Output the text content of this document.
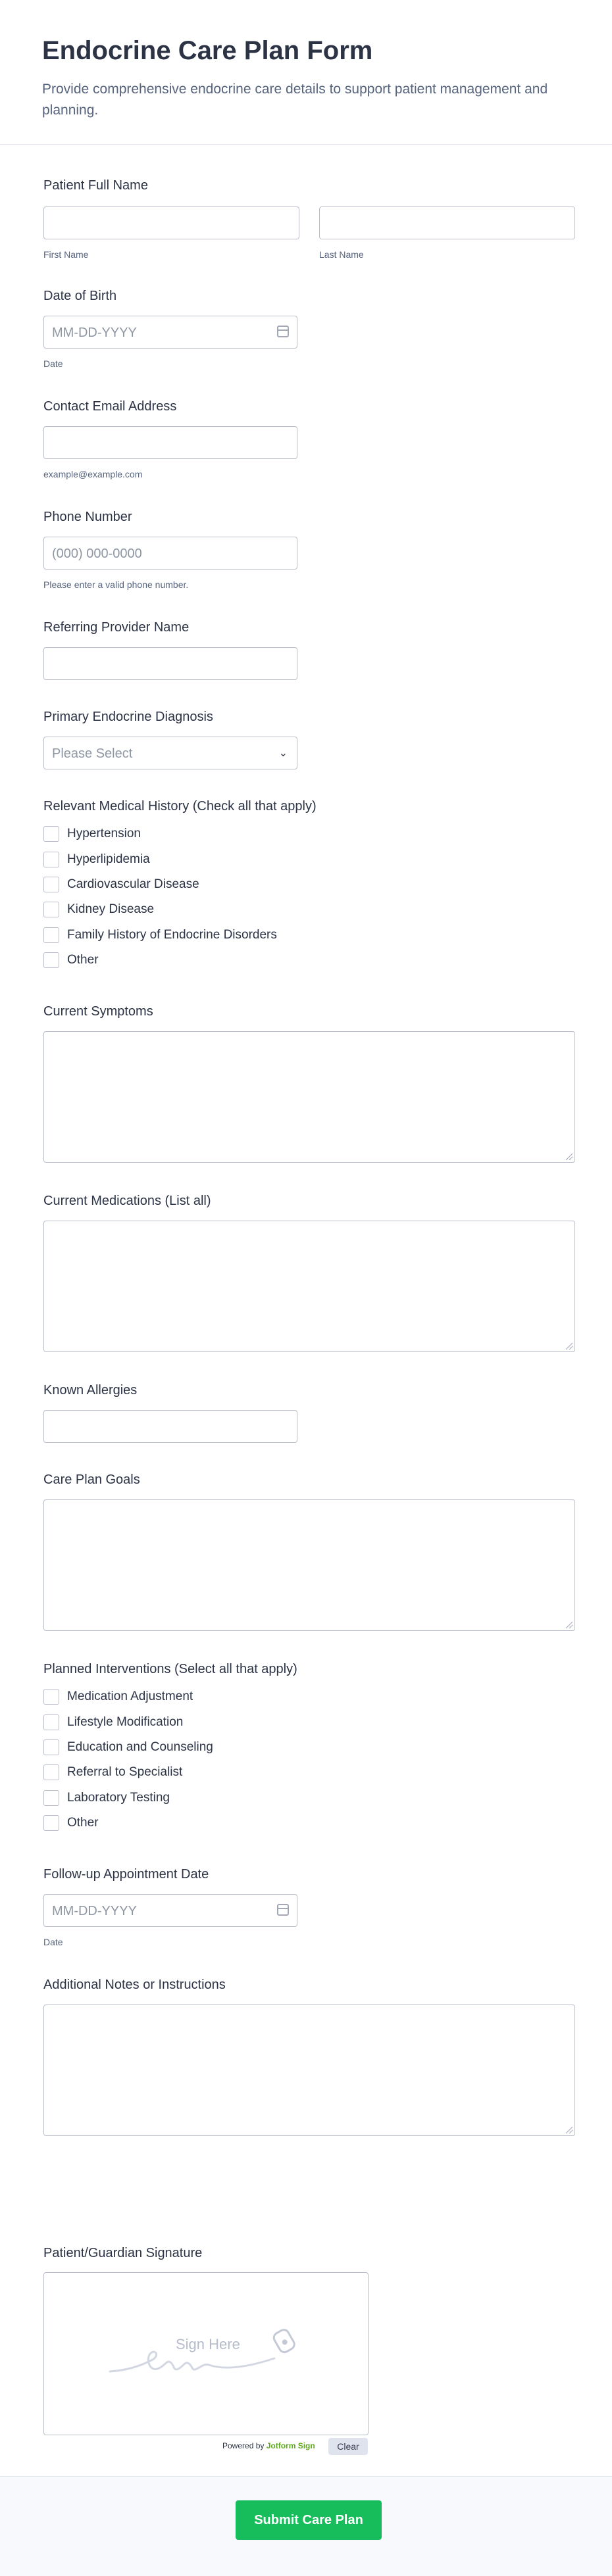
Endocrine Care Plan Form

Provide comprehensive endocrine care details to support patient management and planning.

Patient Full Name
First Name	Last Name
Date of Birth
MM-DD-YYYY
Date
Contact Email Address
example@example.com
Phone Number
(000) 000-0000
Please enter a valid phone number.
Referring Provider Name
Primary Endocrine Diagnosis
Please Select	⌄
Relevant Medical History (Check all that apply)
Hypertension
Hyperlipidemia
Cardiovascular Disease
Kidney Disease
Family History of Endocrine Disorders
Other
Current Symptoms
Current Medications (List all)
Known Allergies
Care Plan Goals
Planned Interventions (Select all that apply)
Medication Adjustment
Lifestyle Modification
Education and Counseling
Referral to Specialist
Laboratory Testing
Other
Follow-up Appointment Date
MM-DD-YYYY
Date
Additional Notes or Instructions
Patient/Guardian Signature
Sign Here
Powered by Jotform Sign	Clear
Submit Care Plan
